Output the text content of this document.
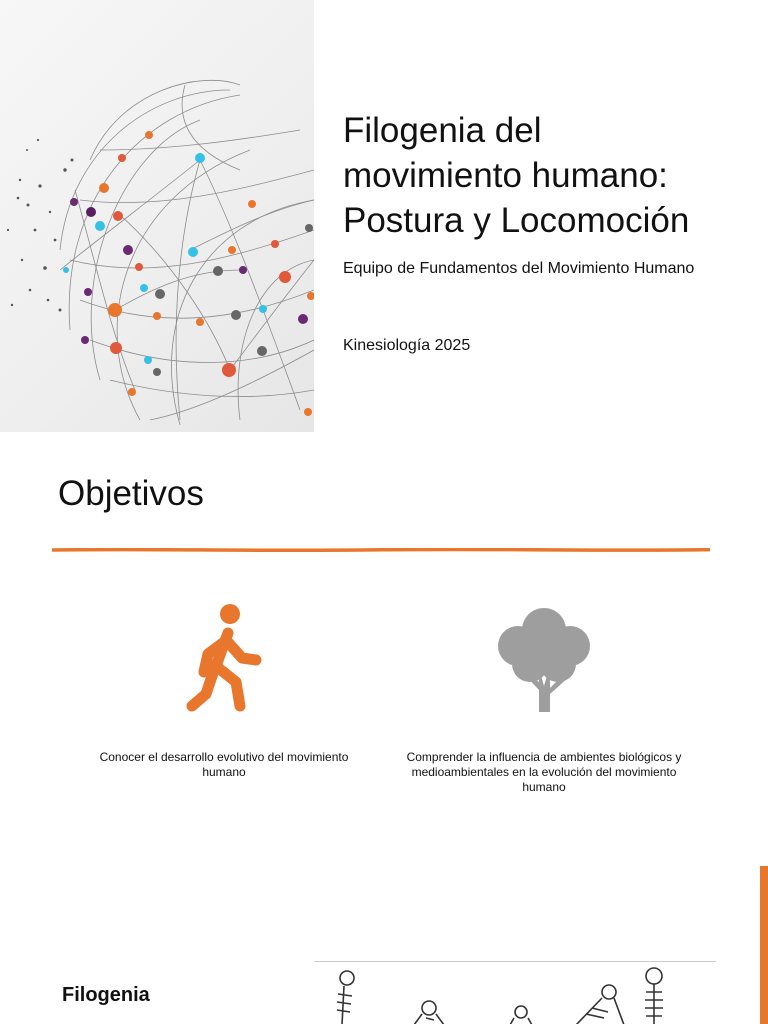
Filogenia del
movimiento humano:
Postura y Locomoción
Equipo de Fundamentos del Movimiento Humano
Kinesiología 2025
Objetivos
Conocer el desarrollo evolutivo del movimiento humano
Comprender la influencia de ambientes biológicos y medioambientales en la evolución del movimiento humano
Filogenia
